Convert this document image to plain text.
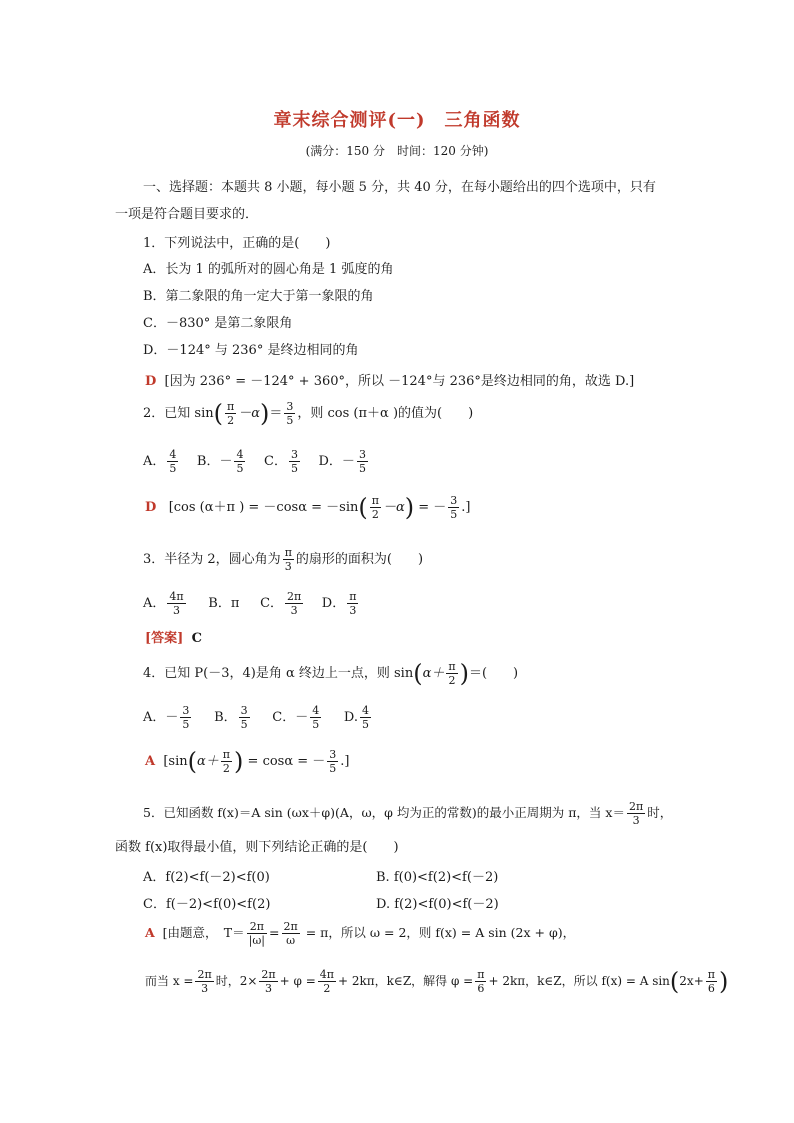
章末综合测评(一)　三角函数
(满分：150 分　时间：120 分钟)
一、选择题：本题共 8 小题，每小题 5 分，共 40 分，在每小题给出的四个选项中，只有
一项是符合题目要求的．
1．下列说法中，正确的是(　　)
A．长为 1 的弧所对的圆心角是 1 弧度的角
B．第二象限的角一定大于第一象限的角
C．－830° 是第二象限角
D．－124° 与 236° 是终边相同的角
D [因为 236° = －124° + 360°，所以 －124°与 236°是终边相同的角，故选 D.]
2．已知 $\sin( \frac{\pi}{2} -\alpha)= \frac{3}{5}$ ，则 cos (π＋α )的值为(　　)
A． $\frac{4}{5}$ B．－ $\frac{4}{5}$ C． $\frac{3}{5}$ D．－ $\frac{3}{5}$
D [cos (α＋π ) = $-\cos\alpha = -\sin( \frac{\pi}{2} -\alpha)$ = － $\frac{3}{5}$ .]
3．半径为 2，圆心角为 $\frac{\pi}{3}$ 的扇形的面积为(　　)
A． $\frac{4\pi}{3}$ B．π C． $\frac{2\pi}{3}$ D． $\frac{\pi}{3}$
[答案] C
4．已知 P(－3，4)是角 α 终边上一点，则 $\sin(\alpha+ \frac{\pi}{2}$ )＝(　　)
A．－ $\frac{3}{5}$ B． $\frac{3}{5}$ C．－ $\frac{4}{5} D$. $\frac{4}{5}$
A [$\sin(\alpha+ \frac{\pi}{2}$ ) = cosα = － $\frac{3}{5}$ .]
5．已知函数 f(x)＝A sin (ωx＋φ)(A，ω，φ 均为正的常数)的最小正周期为 π，当 $x= \frac{2\pi}{3}$ 时，
函数 f(x)取得最小值，则下列结论正确的是(　　)
A．f(2)<f(－2)<f(0)	B. f(0)<f(2)<f(－2)
C．f(－2)<f(0)<f(2)	D. f(2)<f(0)<f(－2)
A [由题意，　$T= \frac{2\pi}{|\omega|} = \frac{2\pi}{\omega} = \pi$，所以 ω = 2，则 f(x) = A sin (2x + φ)，
而当 $x = \frac{2\pi}{3}$ 时，$2\times \frac{2\pi}{3} + \varphi = \frac{4\pi}{2} + 2k\pi$，k∈Z，解得 $\varphi = \frac{\pi}{6} + 2k\pi$，k∈Z，所以 f(x) = A $\sin(2x+ \frac{\pi}{6}$ )
